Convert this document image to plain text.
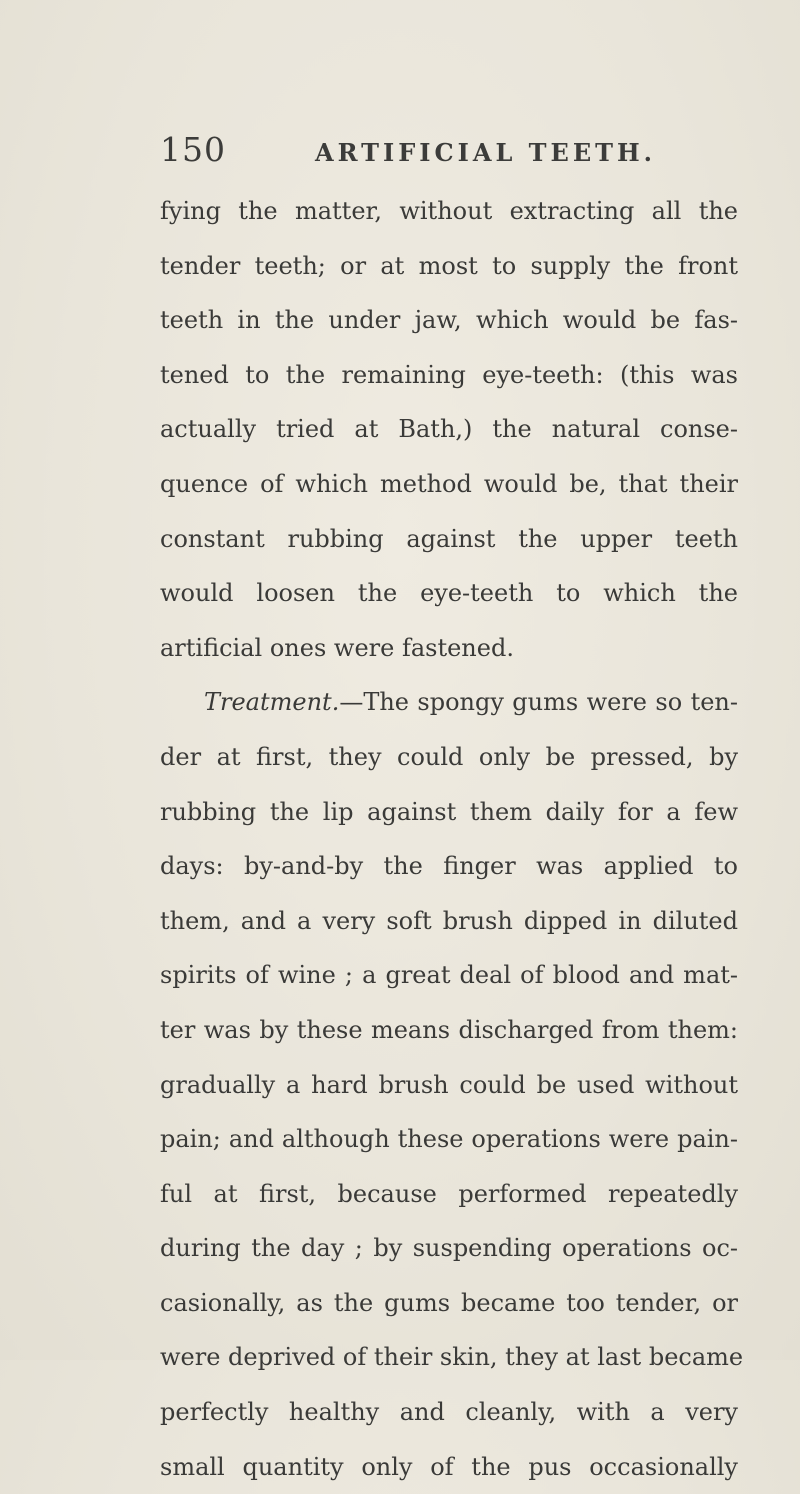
150	ARTIFICIAL TEETH.
fying the matter, without extracting all the
tender teeth; or at most to supply the front
teeth in the under jaw, which would be fas-
tened to the remaining eye-teeth: (this was
actually tried at Bath,) the natural conse-
quence of which method would be, that their
constant rubbing against the upper teeth
would loosen the eye-teeth to which the
artificial ones were fastened.
Treatment.—The spongy gums were so ten-
der at first, they could only be pressed, by
rubbing the lip against them daily for a few
days: by-and-by the finger was applied to
them, and a very soft brush dipped in diluted
spirits of wine ; a great deal of blood and mat-
ter was by these means discharged from them:
gradually a hard brush could be used without
pain; and although these operations were pain-
ful at first, because performed repeatedly
during the day ; by suspending operations oc-
casionally, as the gums became too tender, or
were deprived of their skin, they at last became
perfectly healthy and cleanly, with a very
small quantity only of the pus occasionally
